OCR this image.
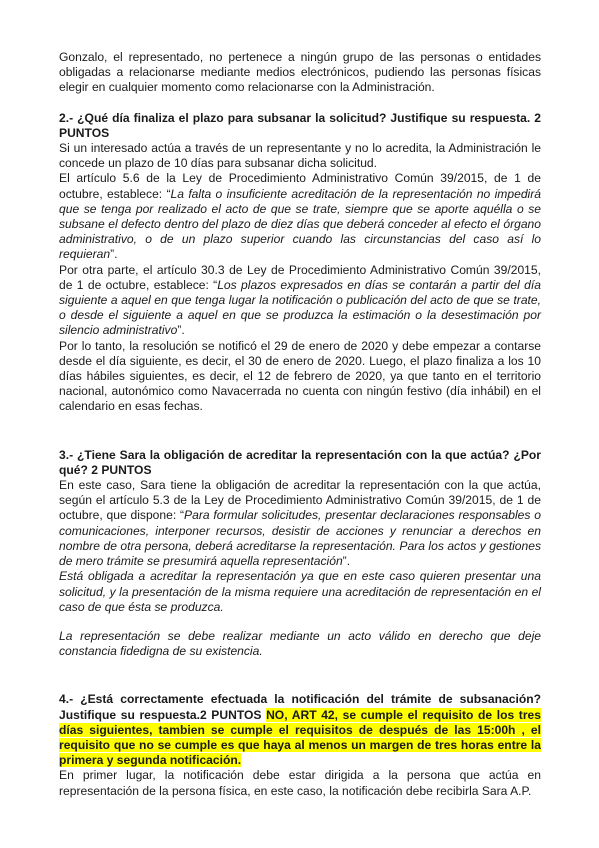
Gonzalo, el representado, no pertenece a ningún grupo de las personas o entidades obligadas a relacionarse mediante medios electrónicos, pudiendo las personas físicas elegir en cualquier momento como relacionarse con la Administración.

2.- ¿Qué día finaliza el plazo para subsanar la solicitud? Justifique su respuesta. 2 PUNTOS

Si un interesado actúa a través de un representante y no lo acredita, la Administración le concede un plazo de 10 días para subsanar dicha solicitud.

El artículo 5.6 de la Ley de Procedimiento Administrativo Común 39/2015, de 1 de octubre, establece: “La falta o insuficiente acreditación de la representación no impedirá que se tenga por realizado el acto de que se trate, siempre que se aporte aquélla o se subsane el defecto dentro del plazo de diez días que deberá conceder al efecto el órgano administrativo, o de un plazo superior cuando las circunstancias del caso así lo requieran”.

Por otra parte, el artículo 30.3 de Ley de Procedimiento Administrativo Común 39/2015, de 1 de octubre, establece: “Los plazos expresados en días se contarán a partir del día siguiente a aquel en que tenga lugar la notificación o publicación del acto de que se trate, o desde el siguiente a aquel en que se produzca la estimación o la desestimación por silencio administrativo”.

Por lo tanto, la resolución se notificó el 29 de enero de 2020 y debe empezar a contarse desde el día siguiente, es decir, el 30 de enero de 2020. Luego, el plazo finaliza a los 10 días hábiles siguientes, es decir, el 12 de febrero de 2020, ya que tanto en el territorio nacional, autonómico como Navacerrada no cuenta con ningún festivo (día inhábil) en el calendario en esas fechas.

3.- ¿Tiene Sara la obligación de acreditar la representación con la que actúa? ¿Por qué? 2 PUNTOS

En este caso, Sara tiene la obligación de acreditar la representación con la que actúa, según el artículo 5.3 de la Ley de Procedimiento Administrativo Común 39/2015, de 1 de octubre, que dispone: “Para formular solicitudes, presentar declaraciones responsables o comunicaciones, interponer recursos, desistir de acciones y renunciar a derechos en nombre de otra persona, deberá acreditarse la representación. Para los actos y gestiones de mero trámite se presumirá aquella representación”.

Está obligada a acreditar la representación ya que en este caso quieren presentar una solicitud, y la presentación de la misma requiere una acreditación de representación en el caso de que ésta se produzca.

La representación se debe realizar mediante un acto válido en derecho que deje constancia fidedigna de su existencia.

4.- ¿Está correctamente efectuada la notificación del trámite de subsanación? Justifique su respuesta.2 PUNTOS NO, ART 42, se cumple el requisito de los tres días siguientes, tambien se cumple el requisitos de después de las 15:00h , el requisito que no se cumple es que haya al menos un margen de tres horas entre la primera y segunda notificación.

En primer lugar, la notificación debe estar dirigida a la persona que actúa en representación de la persona física, en este caso, la notificación debe recibirla Sara A.P.
